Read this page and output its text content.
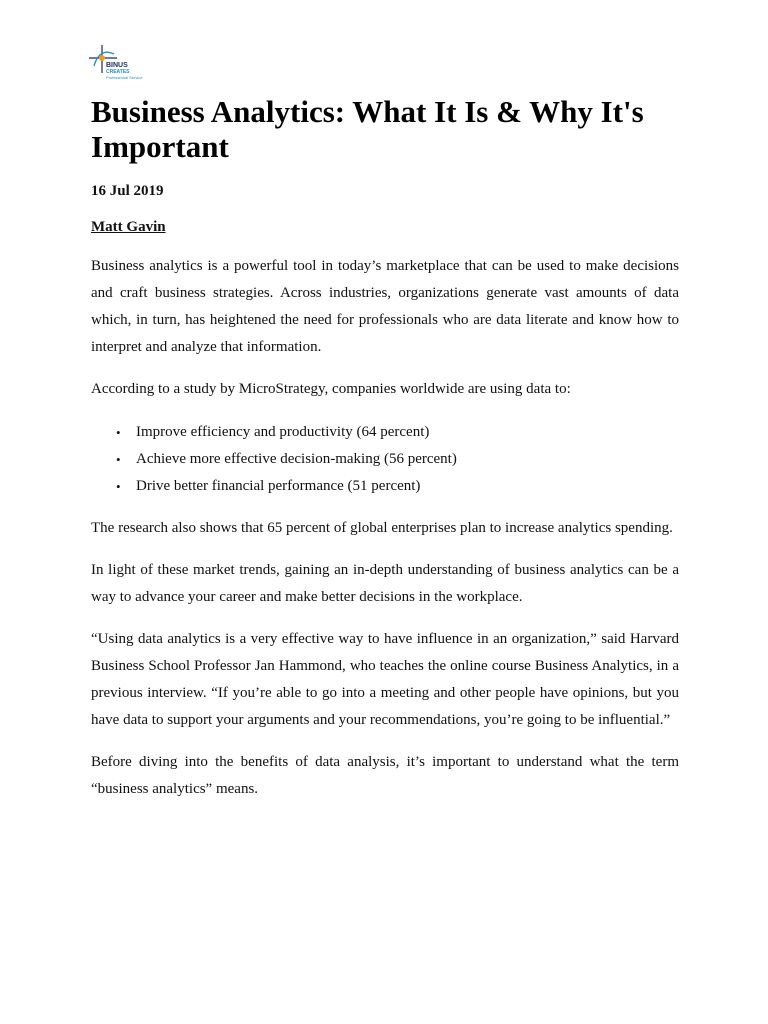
BINUS
CREATES
Professional Service
Business Analytics: What It Is & Why It's Important
16 Jul 2019
Matt Gavin

Business analytics is a powerful tool in today’s marketplace that can be used to make decisions and craft business strategies. Across industries, organizations generate vast amounts of data which, in turn, has heightened the need for professionals who are data literate and know how to interpret and analyze that information.

According to a study by MicroStrategy, companies worldwide are using data to:

• Improve efficiency and productivity (64 percent)
• Achieve more effective decision-making (56 percent)
• Drive better financial performance (51 percent)

The research also shows that 65 percent of global enterprises plan to increase analytics spending.

In light of these market trends, gaining an in-depth understanding of business analytics can be a way to advance your career and make better decisions in the workplace.

“Using data analytics is a very effective way to have influence in an organization,” said Harvard Business School Professor Jan Hammond, who teaches the online course Business Analytics, in a previous interview. “If you’re able to go into a meeting and other people have opinions, but you have data to support your arguments and your recommendations, you’re going to be influential.”

Before diving into the benefits of data analysis, it’s important to understand what the term “business analytics” means.
